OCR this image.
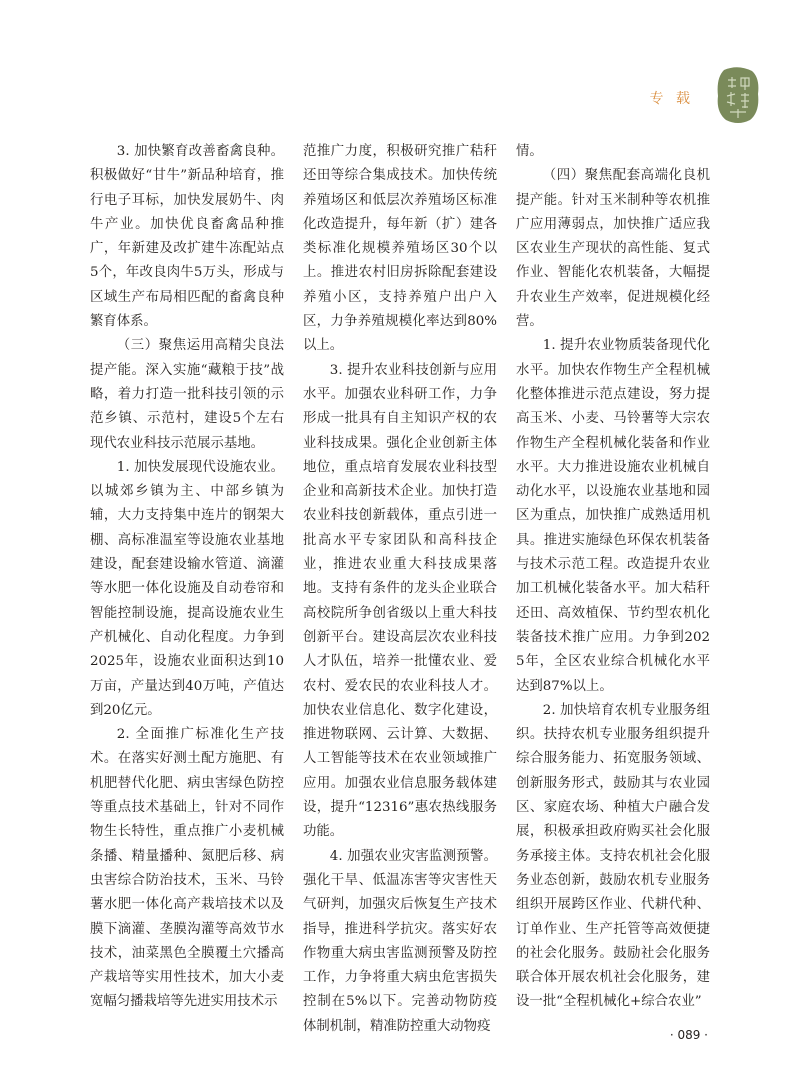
专 载

3. 加快繁育改善畜禽良种。积极做好“甘牛”新品种培育，推行电子耳标，加快发展奶牛、肉牛产业。加快优良畜禽品种推广，年新建及改扩建牛冻配站点5个，年改良肉牛5万头，形成与区域生产布局相匹配的畜禽良种繁育体系。

（三）聚焦运用高精尖良法提产能。深入实施“藏粮于技”战略，着力打造一批科技引领的示范乡镇、示范村，建设5个左右现代农业科技示范展示基地。

1. 加快发展现代设施农业。以城郊乡镇为主、中部乡镇为辅，大力支持集中连片的钢架大棚、高标准温室等设施农业基地建设，配套建设输水管道、滴灌等水肥一体化设施及自动卷帘和智能控制设施，提高设施农业生产机械化、自动化程度。力争到2025年，设施农业面积达到10万亩，产量达到40万吨，产值达到20亿元。

2. 全面推广标准化生产技术。在落实好测土配方施肥、有机肥替代化肥、病虫害绿色防控等重点技术基础上，针对不同作物生长特性，重点推广小麦机械条播、精量播种、氮肥后移、病虫害综合防治技术，玉米、马铃薯水肥一体化高产栽培技术以及膜下滴灌、垄膜沟灌等高效节水技术，油菜黑色全膜覆土穴播高产栽培等实用性技术，加大小麦宽幅匀播栽培等先进实用技术示

范推广力度，积极研究推广秸秆还田等综合集成技术。加快传统养殖场区和低层次养殖场区标准化改造提升，每年新（扩）建各类标准化规模养殖场区30个以上。推进农村旧房拆除配套建设养殖小区，支持养殖户出户入区，力争养殖规模化率达到80%以上。

3. 提升农业科技创新与应用水平。加强农业科研工作，力争形成一批具有自主知识产权的农业科技成果。强化企业创新主体地位，重点培育发展农业科技型企业和高新技术企业。加快打造农业科技创新载体，重点引进一批高水平专家团队和高科技企业，推进农业重大科技成果落地。支持有条件的龙头企业联合高校院所争创省级以上重大科技创新平台。建设高层次农业科技人才队伍，培养一批懂农业、爱农村、爱农民的农业科技人才。加快农业信息化、数字化建设，推进物联网、云计算、大数据、人工智能等技术在农业领域推广应用。加强农业信息服务载体建设，提升“12316”惠农热线服务功能。

4. 加强农业灾害监测预警。强化干旱、低温冻害等灾害性天气研判，加强灾后恢复生产技术指导，推进科学抗灾。落实好农作物重大病虫害监测预警及防控工作，力争将重大病虫危害损失控制在5%以下。完善动物防疫体制机制，精准防控重大动物疫

情。

（四）聚焦配套高端化良机提产能。针对玉米制种等农机推广应用薄弱点，加快推广适应我区农业生产现状的高性能、复式作业、智能化农机装备，大幅提升农业生产效率，促进规模化经营。

1. 提升农业物质装备现代化水平。加快农作物生产全程机械化整体推进示范点建设，努力提高玉米、小麦、马铃薯等大宗农作物生产全程机械化装备和作业水平。大力推进设施农业机械自动化水平，以设施农业基地和园区为重点，加快推广成熟适用机具。推进实施绿色环保农机装备与技术示范工程。改造提升农业加工机械化装备水平。加大秸秆还田、高效植保、节约型农机化装备技术推广应用。力争到2025年，全区农业综合机械化水平达到87%以上。

2. 加快培育农机专业服务组织。扶持农机专业服务组织提升综合服务能力、拓宽服务领域、创新服务形式，鼓励其与农业园区、家庭农场、种植大户融合发展，积极承担政府购买社会化服务承接主体。支持农机社会化服务业态创新，鼓励农机专业服务组织开展跨区作业、代耕代种、订单作业、生产托管等高效便捷的社会化服务。鼓励社会化服务联合体开展农机社会化服务，建设一批“全程机械化+综合农业”

· 089 ·
